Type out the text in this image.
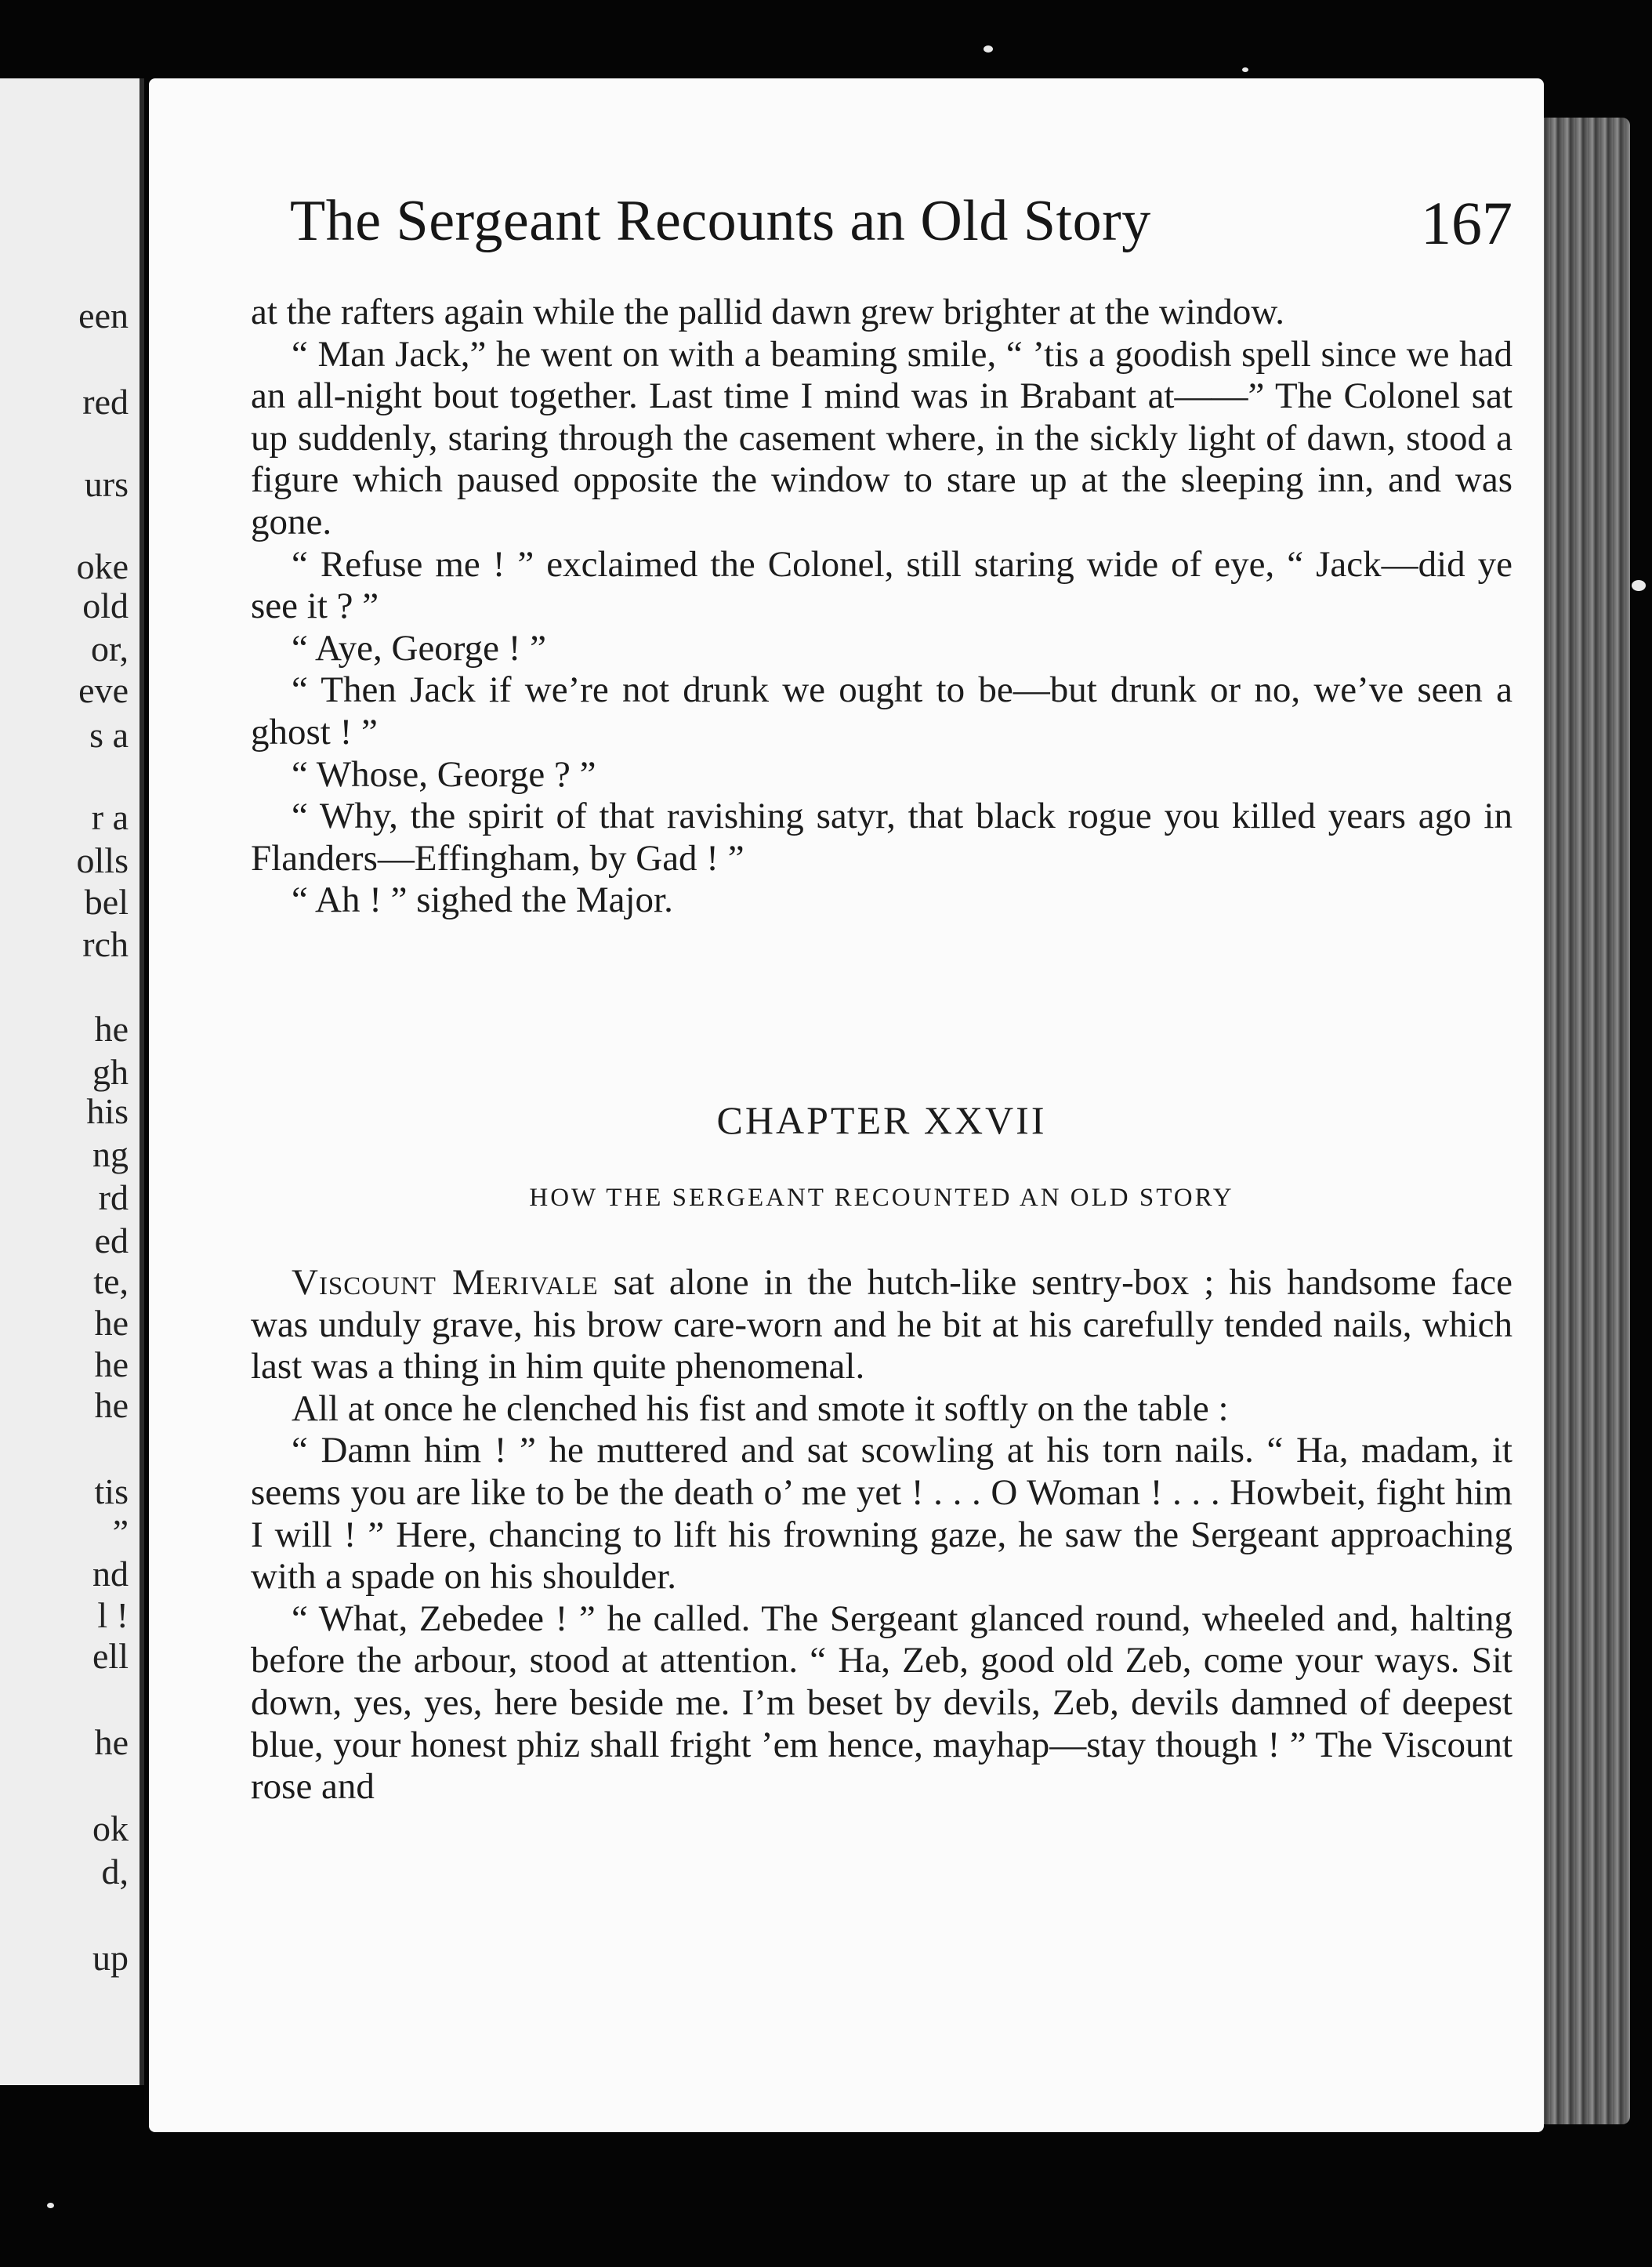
een
red
urs
oke
old
or,
eve
s a
r a
olls
bel
rch
he
gh
his
ng
rd
ed
te,
he
he
he
tis
”
nd
l !
ell
he
ok
d,
up
The Sergeant Recounts an Old Story	167

at the rafters again while the pallid dawn grew brighter at the window.

“ Man Jack,” he went on with a beaming smile, “ ’tis a goodish spell since we had an all-night bout together. Last time I mind was in Brabant at——” The Colonel sat up suddenly, staring through the casement where, in the sickly light of dawn, stood a figure which paused opposite the window to stare up at the sleeping inn, and was gone.

“ Refuse me ! ” exclaimed the Colonel, still staring wide of eye, “ Jack—did ye see it ? ”

“ Aye, George ! ”

“ Then Jack if we’re not drunk we ought to be—but drunk or no, we’ve seen a ghost ! ”

“ Whose, George ? ”

“ Why, the spirit of that ravishing satyr, that black rogue you killed years ago in Flanders—Effingham, by Gad ! ”

“ Ah ! ” sighed the Major.

CHAPTER XXVII
HOW THE SERGEANT RECOUNTED AN OLD STORY

Viscount Merivale sat alone in the hutch-like sentry-box ; his handsome face was unduly grave, his brow care-worn and he bit at his carefully tended nails, which last was a thing in him quite phenomenal.

All at once he clenched his fist and smote it softly on the table :

“ Damn him ! ” he muttered and sat scowling at his torn nails. “ Ha, madam, it seems you are like to be the death o’ me yet ! . . . O Woman ! . . . Howbeit, fight him I will ! ” Here, chancing to lift his frowning gaze, he saw the Sergeant approaching with a spade on his shoulder.

“ What, Zebedee ! ” he called. The Sergeant glanced round, wheeled and, halting before the arbour, stood at attention. “ Ha, Zeb, good old Zeb, come your ways. Sit down, yes, yes, here beside me. I’m beset by devils, Zeb, devils damned of deepest blue, your honest phiz shall fright ’em hence, mayhap—stay though ! ” The Viscount rose and
